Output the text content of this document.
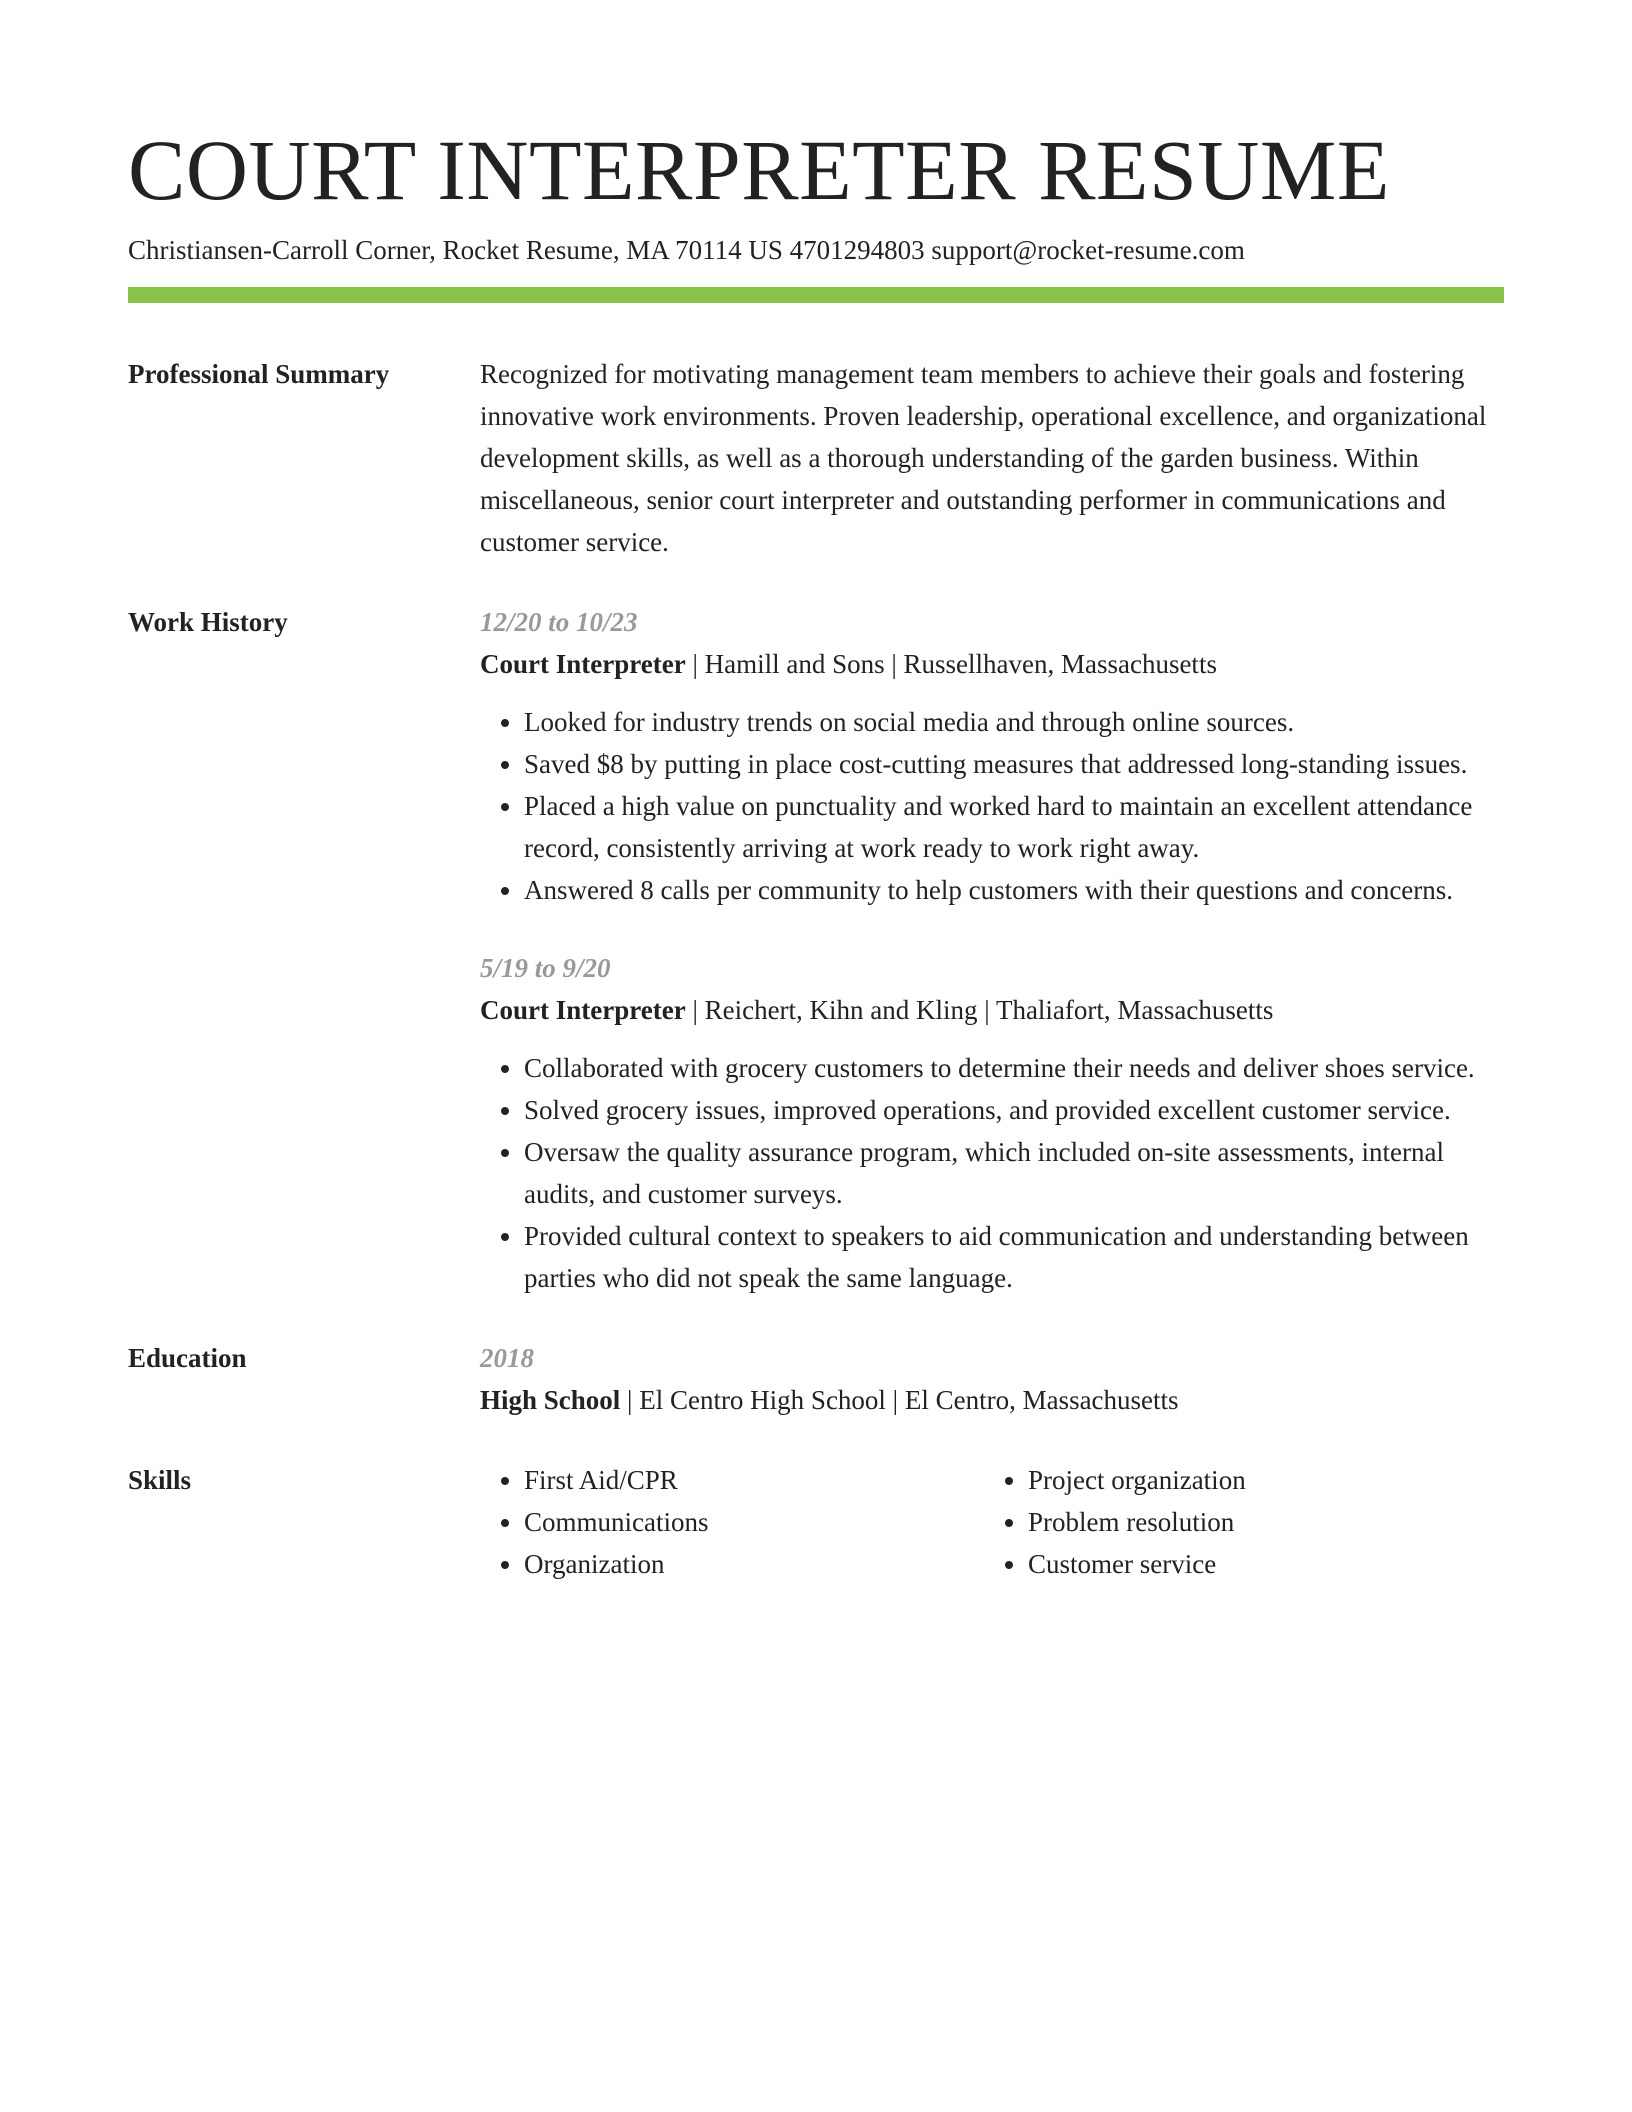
COURT INTERPRETER RESUME
Christiansen-Carroll Corner, Rocket Resume, MA 70114 US 4701294803 support@rocket-resume.com
Professional Summary	Recognized for motivating management team members to achieve their goals and fostering innovative work environments. Proven leadership, operational excellence, and organizational development skills, as well as a thorough understanding of the garden business. Within miscellaneous, senior court interpreter and outstanding performer in communications and customer service.

Work History	12/20 to 10/23
Court Interpreter | Hamill and Sons | Russellhaven, Massachusetts
• Looked for industry trends on social media and through online sources.
• Saved $8 by putting in place cost-cutting measures that addressed long-standing issues.
• Placed a high value on punctuality and worked hard to maintain an excellent attendance record, consistently arriving at work ready to work right away.
• Answered 8 calls per community to help customers with their questions and concerns.
5/19 to 9/20
Court Interpreter | Reichert, Kihn and Kling | Thaliafort, Massachusetts
• Collaborated with grocery customers to determine their needs and deliver shoes service.
• Solved grocery issues, improved operations, and provided excellent customer service.
• Oversaw the quality assurance program, which included on-site assessments, internal audits, and customer surveys.
• Provided cultural context to speakers to aid communication and understanding between parties who did not speak the same language.
Education	2018
High School | El Centro High School | El Centro, Massachusetts
Skills
•	First Aid/CPR
• Communications
• Organization
• Project organization
• Problem resolution
• Customer service
